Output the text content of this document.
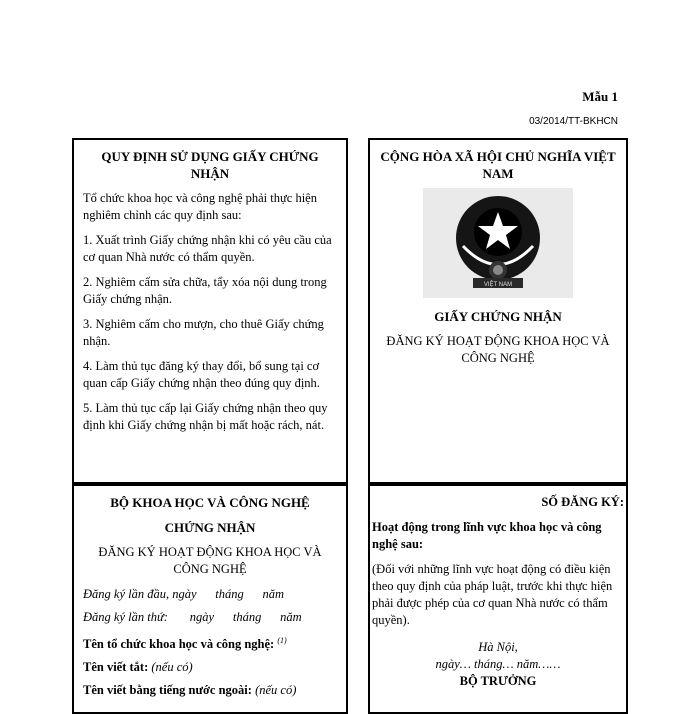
Mẫu 1
03/2014/TT-BKHCN
QUY ĐỊNH SỬ DỤNG GIẤY CHỨNG NHẬN
Tổ chức khoa học và công nghệ phải thực hiện nghiêm chỉnh các quy định sau:
1. Xuất trình Giấy chứng nhận khi có yêu cầu của cơ quan Nhà nước có thẩm quyền.
2. Nghiêm cấm sửa chữa, tẩy xóa nội dung trong Giấy chứng nhận.
3. Nghiêm cấm cho mượn, cho thuê Giấy chứng nhận.
4. Làm thủ tục đăng ký thay đổi, bổ sung tại cơ quan cấp Giấy chứng nhận theo đúng quy định.
5. Làm thủ tục cấp lại Giấy chứng nhận theo quy định khi Giấy chứng nhận bị mất hoặc rách, nát.
CỘNG HÒA XÃ HỘI CHỦ NGHĨA VIỆT NAM
VIỆT NAM
GIẤY CHỨNG NHẬN
ĐĂNG KÝ HOẠT ĐỘNG KHOA HỌC VÀ CÔNG NGHỆ
BỘ KHOA HỌC VÀ CÔNG NGHỆ
CHỨNG NHẬN
ĐĂNG KÝ HOẠT ĐỘNG KHOA HỌC VÀ CÔNG NGHỆ
Đăng ký lần đầu, ngày      tháng      năm
Đăng ký lần thứ:       ngày      tháng      năm
Tên tổ chức khoa học và công nghệ: $^{(1)}$
Tên viết tắt: (nếu có)
Tên viết bằng tiếng nước ngoài: (nếu có)
SỐ ĐĂNG KÝ:
Hoạt động trong lĩnh vực khoa học và công nghệ sau:
(Đối với những lĩnh vực hoạt động có điều kiện theo quy định của pháp luật, trước khi thực hiện phải được phép của cơ quan Nhà nước có thẩm quyền).
Hà Nội,
ngày… tháng… năm……
BỘ TRƯỞNG
